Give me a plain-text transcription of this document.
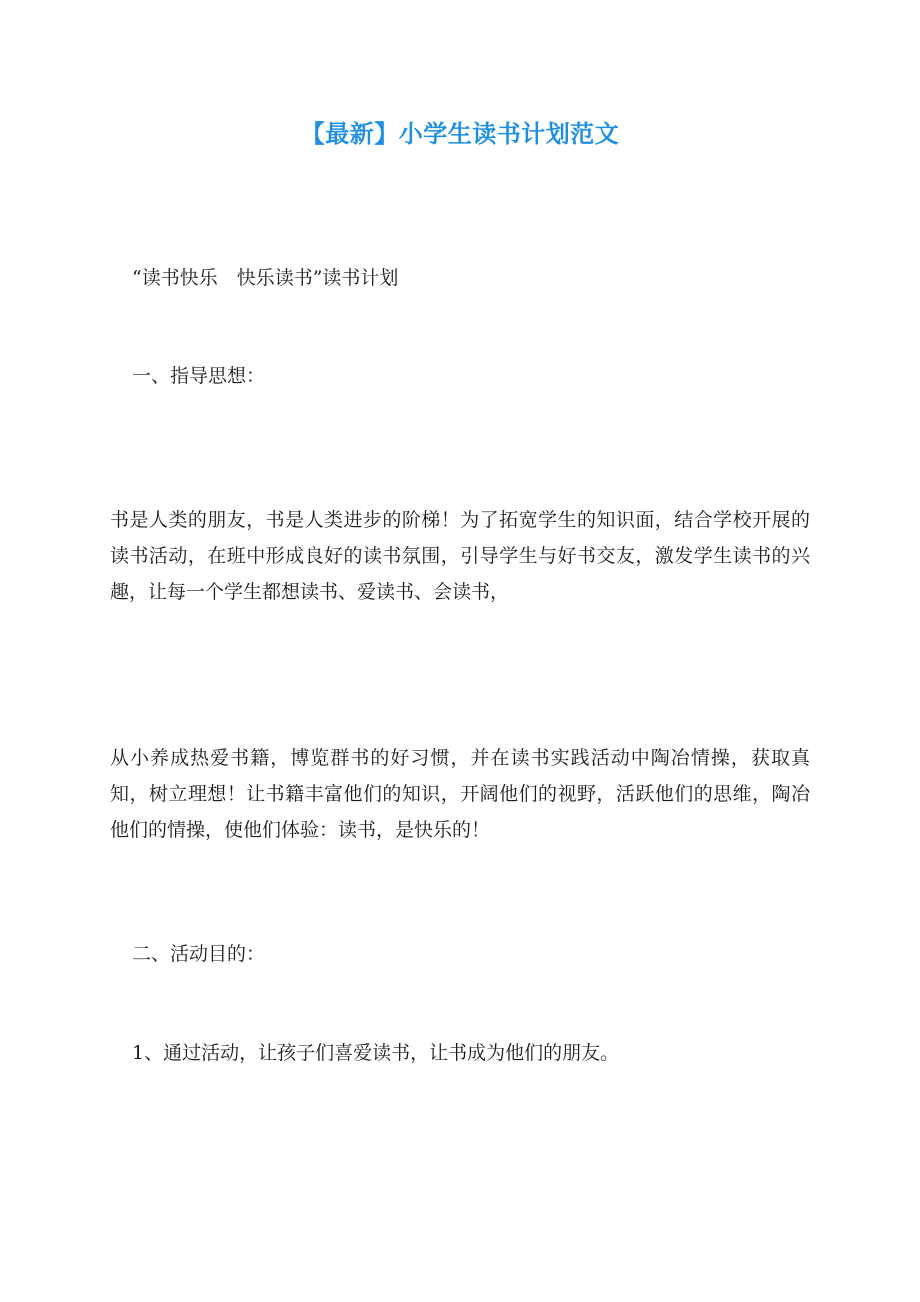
【最新】小学生读书计划范文
“读书快乐　快乐读书”读书计划
一、指导思想：
书是人类的朋友，书是人类进步的阶梯！为了拓宽学生的知识面，结合学校开展的读书活动，在班中形成良好的读书氛围，引导学生与好书交友，激发学生读书的兴趣，让每一个学生都想读书、爱读书、会读书，
从小养成热爱书籍，博览群书的好习惯，并在读书实践活动中陶冶情操，获取真知，树立理想！让书籍丰富他们的知识，开阔他们的视野，活跃他们的思维，陶冶他们的情操，使他们体验：读书，是快乐的！
二、活动目的：
1、通过活动，让孩子们喜爱读书，让书成为他们的朋友。
